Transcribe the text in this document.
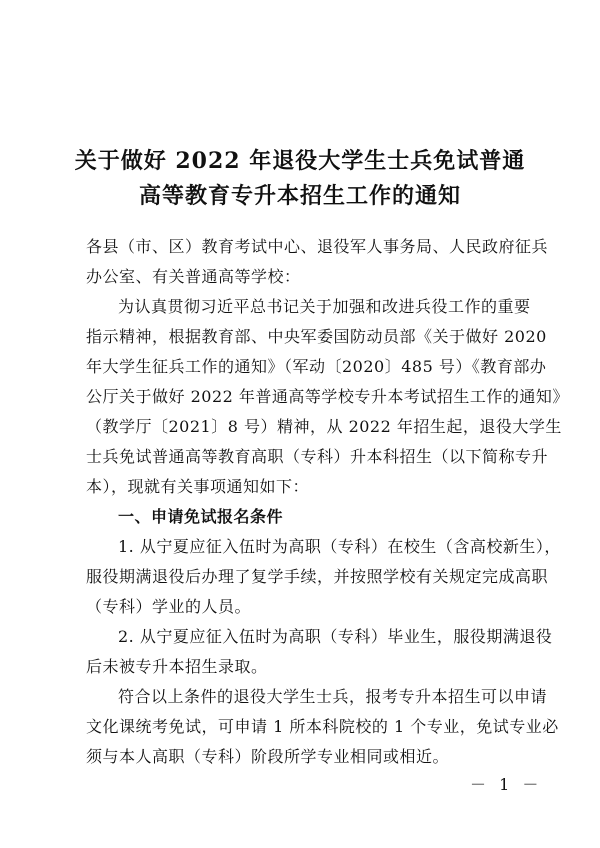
关于做好 2022 年退役大学生士兵免试普通
高等教育专升本招生工作的通知
各县（市、区）教育考试中心、退役军人事务局、人民政府征兵
办公室、有关普通高等学校：
为认真贯彻习近平总书记关于加强和改进兵役工作的重要
指示精神，根据教育部、中央军委国防动员部《关于做好 2020
年大学生征兵工作的通知》（军动〔2020〕485 号）《教育部办
公厅关于做好 2022 年普通高等学校专升本考试招生工作的通知》
（教学厅〔2021〕8 号）精神，从 2022 年招生起，退役大学生
士兵免试普通高等教育高职（专科）升本科招生（以下简称专升
本），现就有关事项通知如下：
一、申请免试报名条件
1. 从宁夏应征入伍时为高职（专科）在校生（含高校新生），
服役期满退役后办理了复学手续，并按照学校有关规定完成高职
（专科）学业的人员。
2. 从宁夏应征入伍时为高职（专科）毕业生，服役期满退役
后未被专升本招生录取。
符合以上条件的退役大学生士兵，报考专升本招生可以申请
文化课统考免试，可申请 1 所本科院校的 1 个专业，免试专业必
须与本人高职（专科）阶段所学专业相同或相近。
－ 1 －
